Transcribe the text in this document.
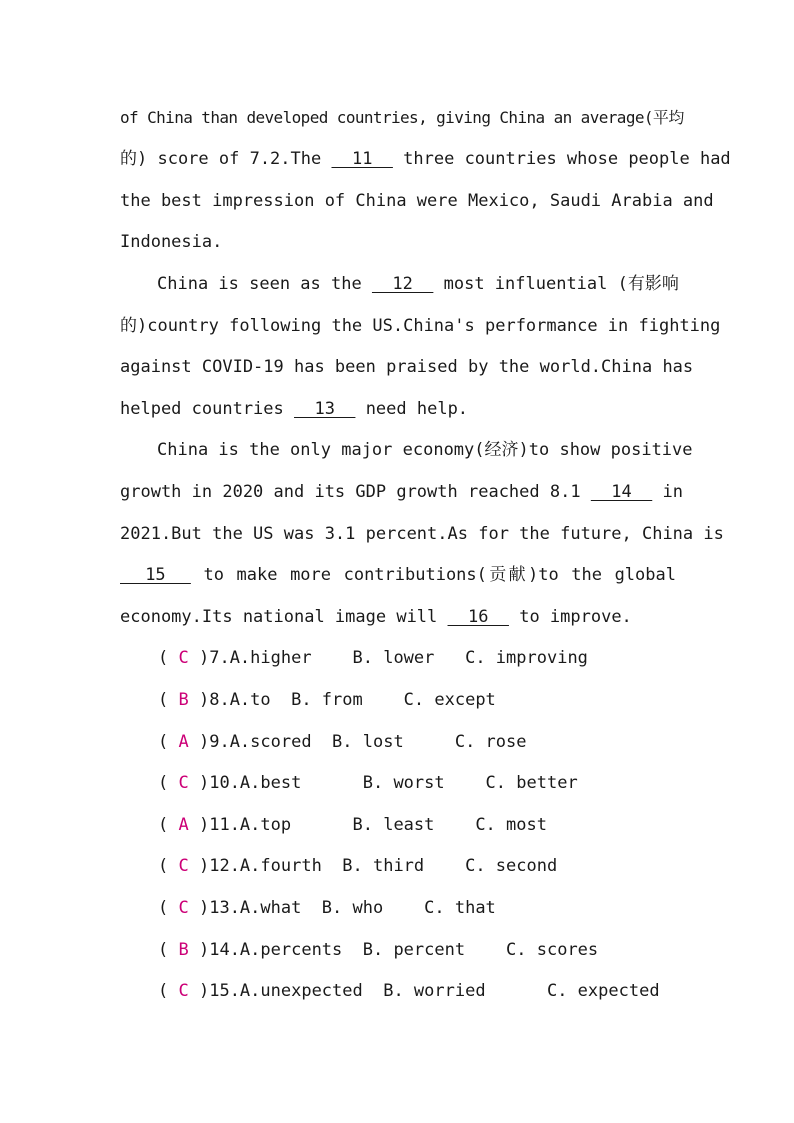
of China than developed countries, giving China an average(平均
的) score of 7.2.The   11   three countries whose people had
the best impression of China were Mexico, Saudi Arabia and
Indonesia.
China is seen as the   12   most influential (有影响
的)country following the US.China's performance in fighting
against COVID-19 has been praised by the world.China has
helped countries   13   need help.
China is the only major economy(经济)to show positive
growth in 2020 and its GDP growth reached 8.1   14   in
2021.But the US was 3.1 percent.As for the future, China is
15   to make more contributions(贡献)to the global
economy.Its national image will   16   to improve.
( C )7.A.higher    B. lower   C. improving
( B )8.A.to  B. from    C. except
( A )9.A.scored  B. lost     C. rose
( C )10.A.best      B. worst    C. better
( A )11.A.top      B. least    C. most
( C )12.A.fourth  B. third    C. second
( C )13.A.what  B. who    C. that
( B )14.A.percents  B. percent    C. scores
( C )15.A.unexpected  B. worried      C. expected
